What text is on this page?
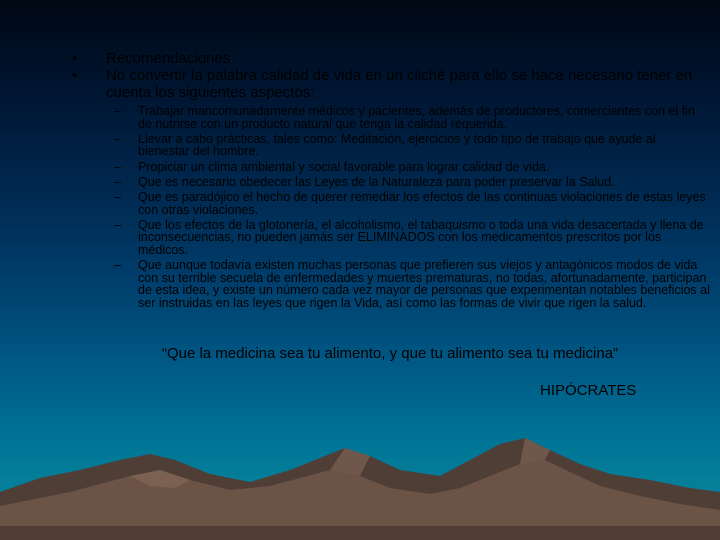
• Recomendaciones
• No convertir la palabra calidad de vida en un cliché para ello se hace necesario tener en cuenta los siguientes aspectos:
– Trabajar mancomunadamente médicos y pacientes, además de productores, comerciantes con el fin de nutrirse con un producto natural que tenga la calidad requerida.
– Llevar a cabo prácticas, tales como: Meditación, ejercicios y todo tipo de trabajo que ayude al bienestar del hombre.
– Propiciar un clima ambiental y social favorable para lograr calidad de vida.
– Que es necesario obedecer las Leyes de la Naturaleza para poder preservar la Salud.
– Que es paradójico el hecho de querer remediar los efectos de las continuas violaciones de estas leyes con otras violaciones.
– Que los efectos de la glotonería, el alcoholismo, el tabaquismo o toda una vida desacertada y llena de inconsecuencias, no pueden jamás ser ELIMINADOS con los medicamentos prescritos por los médicos.
– Que aunque todavía existen muchas personas que prefieren sus viejos y antagónicos modos de vida con su terrible secuela de enfermedades y muertes prematuras, no todas, afortunadamente, participan de esta idea, y existe un número cada vez mayor de personas que experimentan notables beneficios al ser instruidas en las leyes que rigen la Vida, así como las formas de vivir que rigen la salud.
“Que la medicina sea tu alimento, y que tu alimento sea tu medicina”
HIPÓCRATES
